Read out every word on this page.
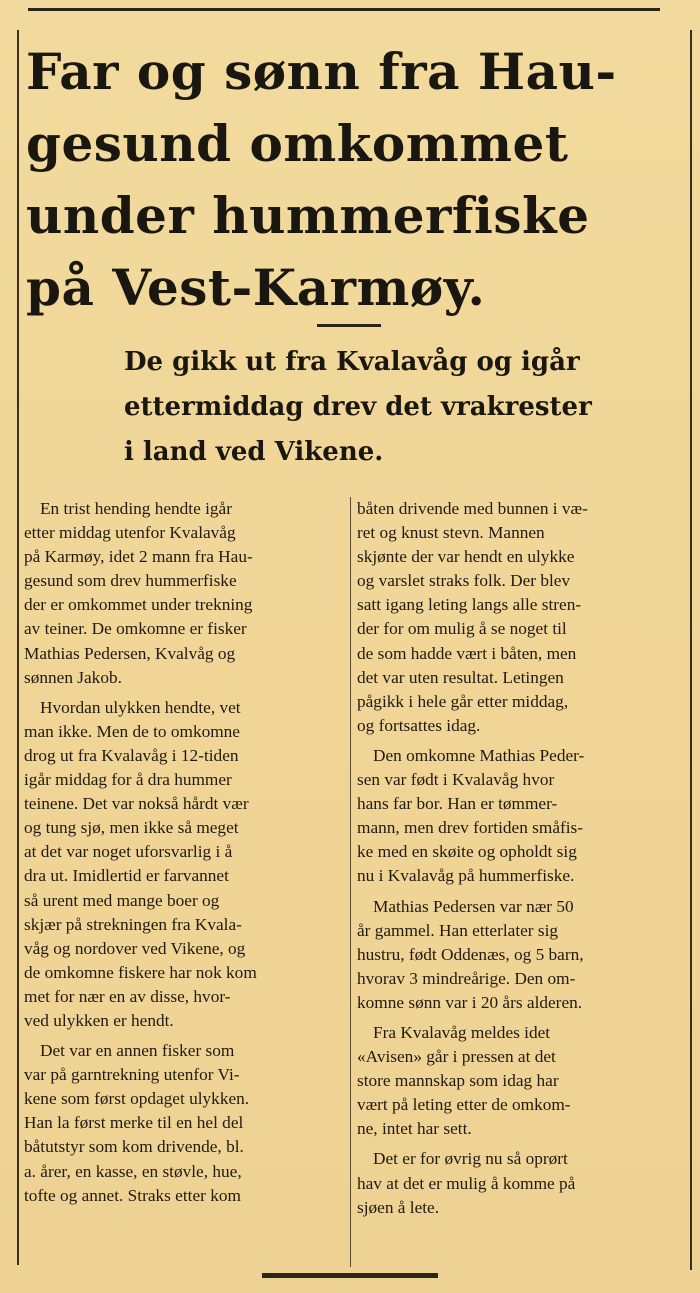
Far og sønn fra Hau-
gesund omkommet
under hummerfiske
på Vest-Karmøy.
De gikk ut fra Kvalavåg og igår
ettermiddag drev det vrakrester
i land ved Vikene.
En trist hending hendte igår
etter middag utenfor Kvalavåg
på Karmøy, idet 2 mann fra Hau-
gesund som drev hummerfiske
der er omkommet under trekning
av teiner. De omkomne er fisker
Mathias Pedersen, Kvalvåg og
sønnen Jakob.
Hvordan ulykken hendte, vet
man ikke. Men de to omkomne
drog ut fra Kvalavåg i 12-tiden
igår middag for å dra hummer
teinene. Det var nokså hårdt vær
og tung sjø, men ikke så meget
at det var noget uforsvarlig i å
dra ut. Imidlertid er farvannet
så urent med mange boer og
skjær på strekningen fra Kvala-
våg og nordover ved Vikene, og
de omkomne fiskere har nok kom
met for nær en av disse, hvor-
ved ulykken er hendt.
Det var en annen fisker som
var på garntrekning utenfor Vi-
kene som først opdaget ulykken.
Han la først merke til en hel del
båtutstyr som kom drivende, bl.
a. årer, en kasse, en støvle, hue,
tofte og annet. Straks etter kom
båten drivende med bunnen i væ-
ret og knust stevn. Mannen
skjønte der var hendt en ulykke
og varslet straks folk. Der blev
satt igang leting langs alle stren-
der for om mulig å se noget til
de som hadde vært i båten, men
det var uten resultat. Letingen
pågikk i hele går etter middag,
og fortsattes idag.
Den omkomne Mathias Peder-
sen var født i Kvalavåg hvor
hans far bor. Han er tømmer-
mann, men drev fortiden småfis-
ke med en skøite og opholdt sig
nu i Kvalavåg på hummerfiske.
Mathias Pedersen var nær 50
år gammel. Han etterlater sig
hustru, født Oddenæs, og 5 barn,
hvorav 3 mindreårige. Den om-
komne sønn var i 20 års alderen.
Fra Kvalavåg meldes idet
«Avisen» går i pressen at det
store mannskap som idag har
vært på leting etter de omkom-
ne, intet har sett.
Det er for øvrig nu så oprørt
hav at det er mulig å komme på
sjøen å lete.
